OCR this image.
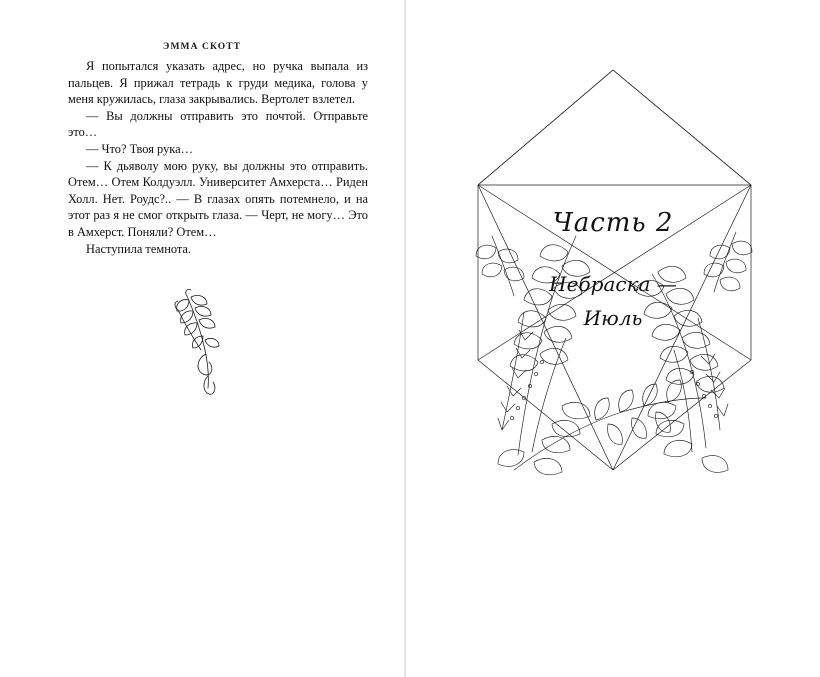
ЭММА СКОТТ

Я попытался указать адрес, но ручка выпала из пальцев. Я прижал тетрадь к груди медика, голова у меня кружилась, глаза закрывались. Вертолет взлетел.

— Вы должны отправить это почтой. Отправьте это…

— Что? Твоя рука…

— К дьяволу мою руку, вы должны это отправить. Отем… Отем Колдуэлл. Университет Амхерста… Риден Холл. Нет. Роудс?.. — В глазах опять потемнело, и на этот раз я не смог открыть глаза. — Черт, не могу… Это в Амхерст. Поняли? Отем…

Наступила темнота.

Часть 2
Небраска —
Июль
